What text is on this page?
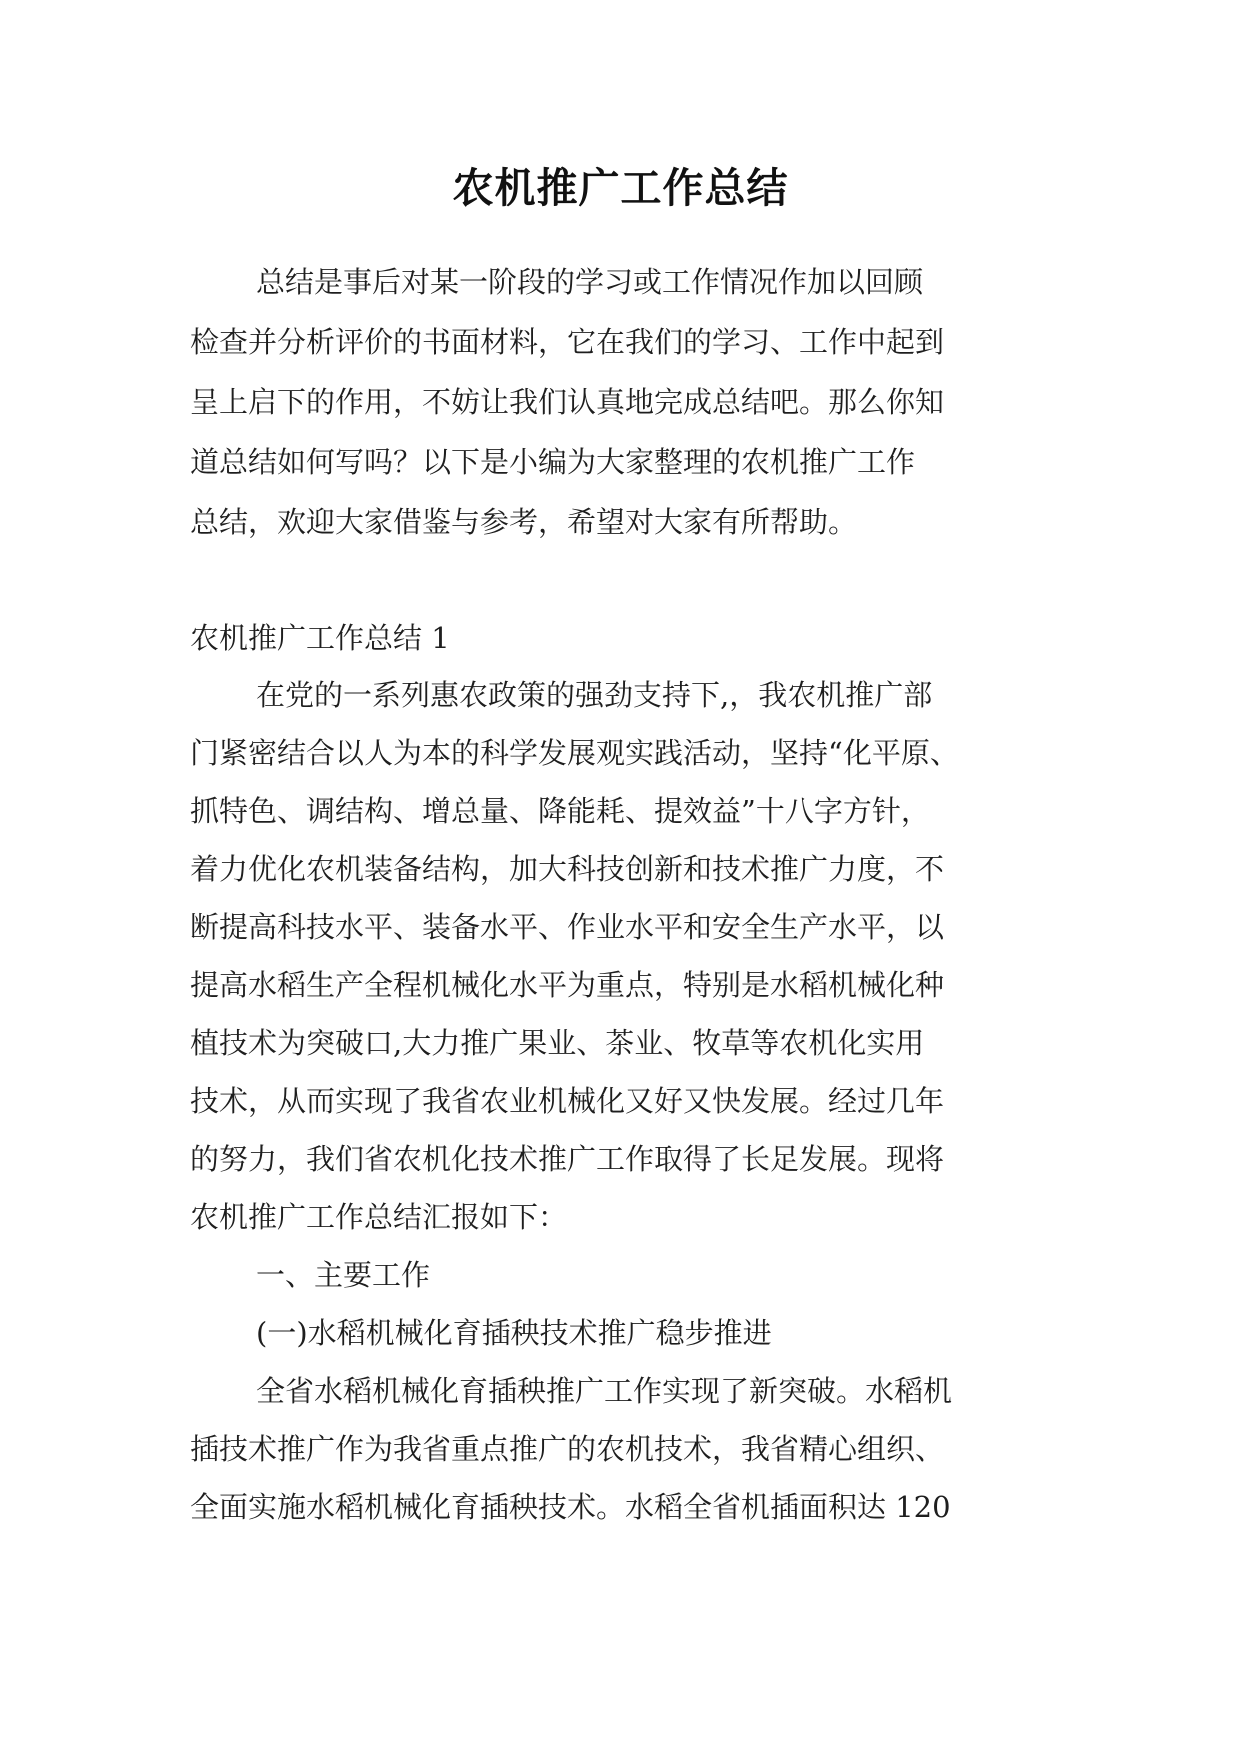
农机推广工作总结
总结是事后对某一阶段的学习或工作情况作加以回顾
检查并分析评价的书面材料，它在我们的学习、工作中起到
呈上启下的作用，不妨让我们认真地完成总结吧。那么你知
道总结如何写吗？以下是小编为大家整理的农机推广工作
总结，欢迎大家借鉴与参考，希望对大家有所帮助。
农机推广工作总结 1
在党的一系列惠农政策的强劲支持下,，我农机推广部
门紧密结合以人为本的科学发展观实践活动，坚持“化平原、
抓特色、调结构、增总量、降能耗、提效益”十八字方针，
着力优化农机装备结构，加大科技创新和技术推广力度，不
断提高科技水平、装备水平、作业水平和安全生产水平，以
提高水稻生产全程机械化水平为重点，特别是水稻机械化种
植技术为突破口,大力推广果业、茶业、牧草等农机化实用
技术，从而实现了我省农业机械化又好又快发展。经过几年
的努力，我们省农机化技术推广工作取得了长足发展。现将
农机推广工作总结汇报如下：
一、主要工作
(一)水稻机械化育插秧技术推广稳步推进
全省水稻机械化育插秧推广工作实现了新突破。水稻机
插技术推广作为我省重点推广的农机技术，我省精心组织、
全面实施水稻机械化育插秧技术。水稻全省机插面积达 120
